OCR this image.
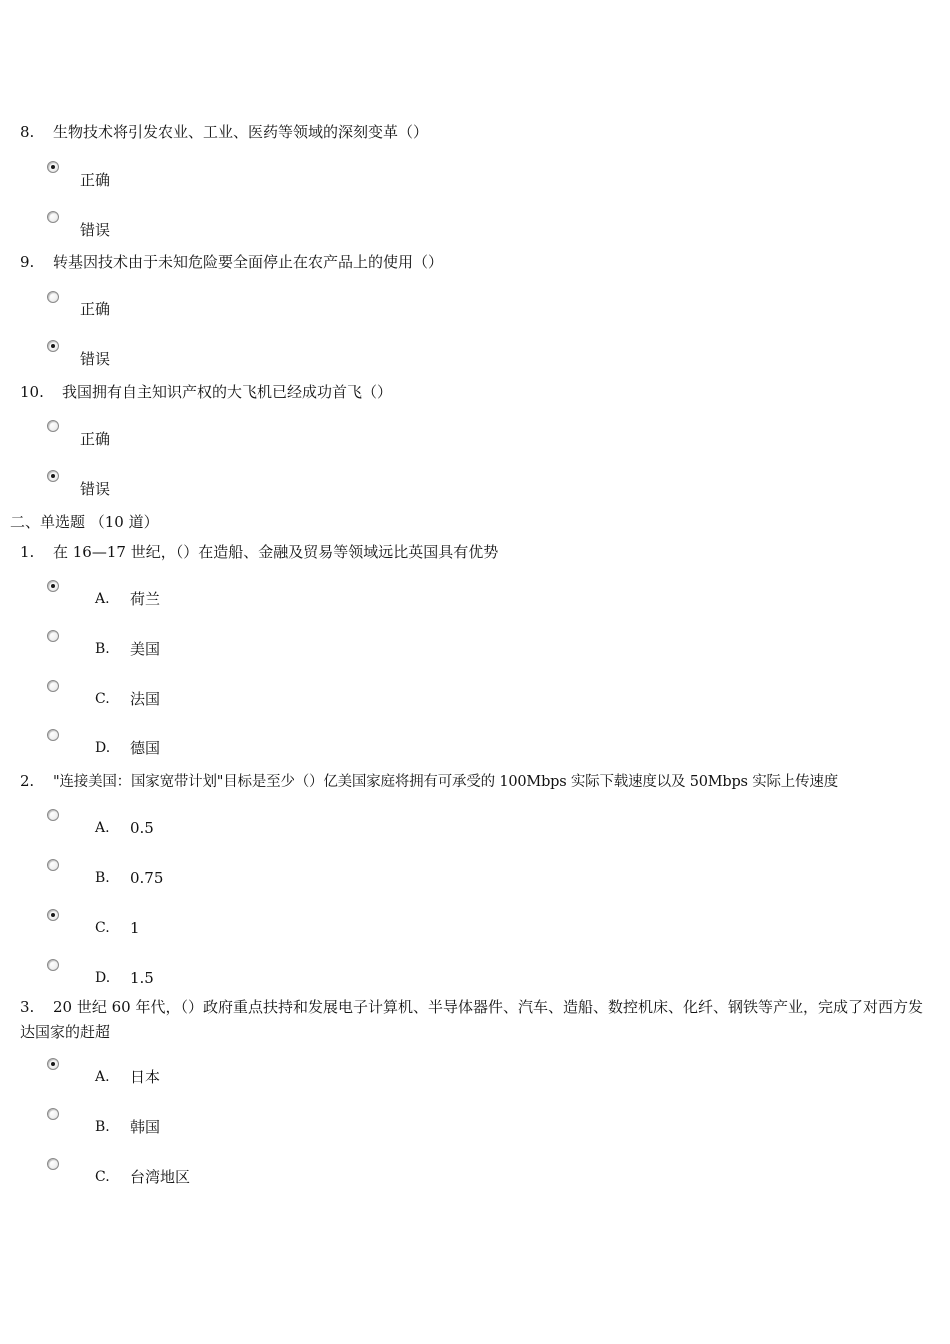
8. 生物技术将引发农业、工业、医药等领域的深刻变革（）
正确
错误
9. 转基因技术由于未知危险要全面停止在农产品上的使用（）
正确
错误
10. 我国拥有自主知识产权的大飞机已经成功首飞（）
正确
错误
二、单选题 （10 道）
1. 在 16—17 世纪，（）在造船、金融及贸易等领域远比英国具有优势
A. 荷兰
B. 美国
C. 法国
D. 德国
2. "连接美国：国家宽带计划"目标是至少（）亿美国家庭将拥有可承受的 100Mbps 实际下载速度以及 50Mbps 实际上传速度
A. 0.5
B. 0.75
C. 1
D. 1.5
3. 20 世纪 60 年代，（）政府重点扶持和发展电子计算机、半导体器件、汽车、造船、数控机床、化纤、钢铁等产业，完成了对西方发达国家的赶超
A. 日本
B. 韩国
C. 台湾地区
